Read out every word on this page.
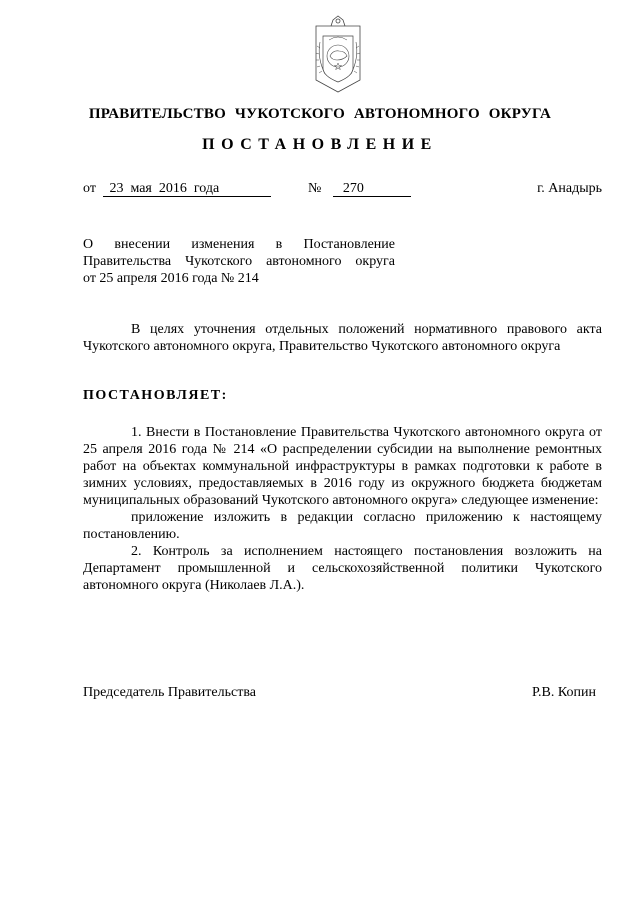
ПРАВИТЕЛЬСТВО ЧУКОТСКОГО АВТОНОМНОГО ОКРУГА
ПОСТАНОВЛЕНИЕ
от 23  мая  2016  года	№ 270	г. Анадырь

О внесении изменения в Постановление

Правительства Чукотского автономного округа

от 25 апреля 2016 года № 214

В целях уточнения отдельных положений нормативного правового акта Чукотского автономного округа, Правительство Чукотского автономного округа

ПОСТАНОВЛЯЕТ:

1. Внести в Постановление Правительства Чукотского автономного округа от 25 апреля 2016 года № 214 «О распределении субсидии на выполнение ремонтных работ на объектах коммунальной инфраструктуры в рамках подготовки к работе в зимних условиях, предоставляемых в 2016 году из окружного бюджета бюджетам муниципальных образований Чукотского автономного округа» следующее изменение:

приложение изложить в редакции согласно приложению к настоящему постановлению.

2. Контроль за исполнением настоящего постановления возложить на Департамент промышленной и сельскохозяйственной политики Чукотского автономного округа (Николаев Л.А.).

Председатель Правительства	Р.В. Копин
